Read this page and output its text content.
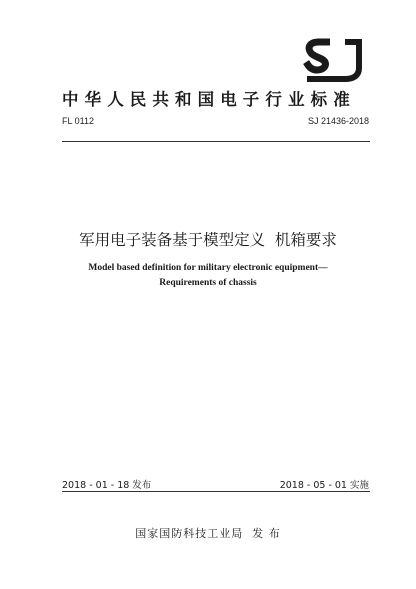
SJ
中华人民共和国电子行业标准
FL 0112	SJ 21436-2018
军用电子装备基于模型定义  机箱要求
Model based definition for military electronic equipment—
Requirements of chassis
2018 - 01 - 18 发布	2018 - 05 - 01 实施
国家国防科技工业局  发 布
